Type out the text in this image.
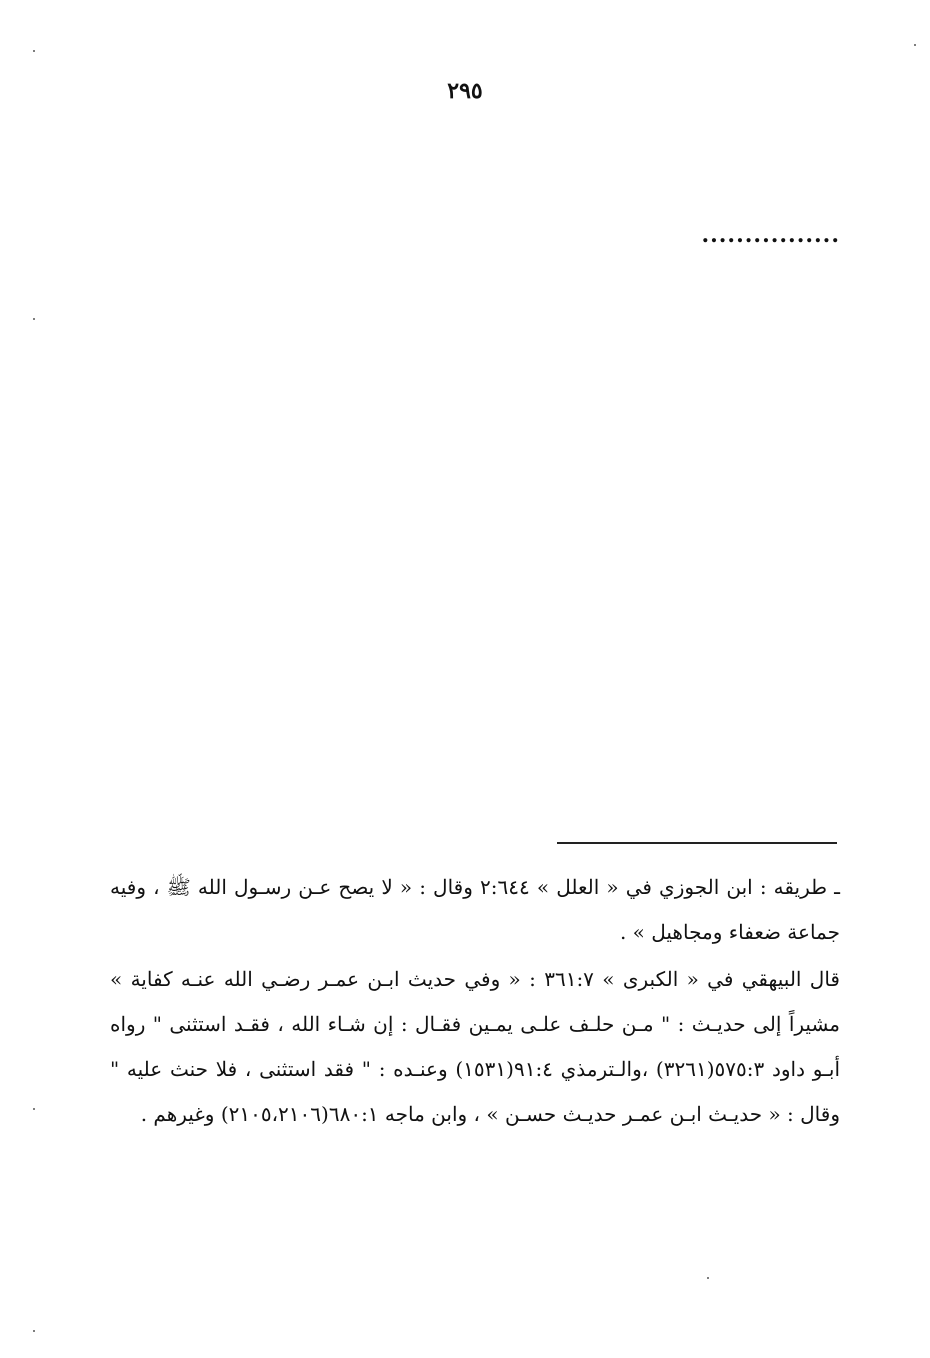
٢٩٥
................

ـ طريقه : ابن الجوزي في « العلل » ٢:٦٤٤ وقال : « لا يصح عـن رسـول الله ﷺ ، وفيه جماعة ضعفاء ومجاهيل » .

قال البيهقي في « الكبرى » ٣٦١:٧ : « وفي حديث ابـن عمـر رضـي الله عنـه كفاية » مشيراً إلى حديـث : " مـن حلـف علـى يمـين فقـال : إن شـاء الله ، فقـد استثنى " رواه أبـو داود ٥٧٥:٣(٣٢٦١) ،والـترمذي ٩١:٤(١٥٣١) وعنـده : " فقد استثنى ، فلا حنث عليه " وقال : « حديـث ابـن عمـر حديـث حسـن » ، وابن ماجه ٦٨٠:١(٢١٠٥،٢١٠٦) وغيرهم .
